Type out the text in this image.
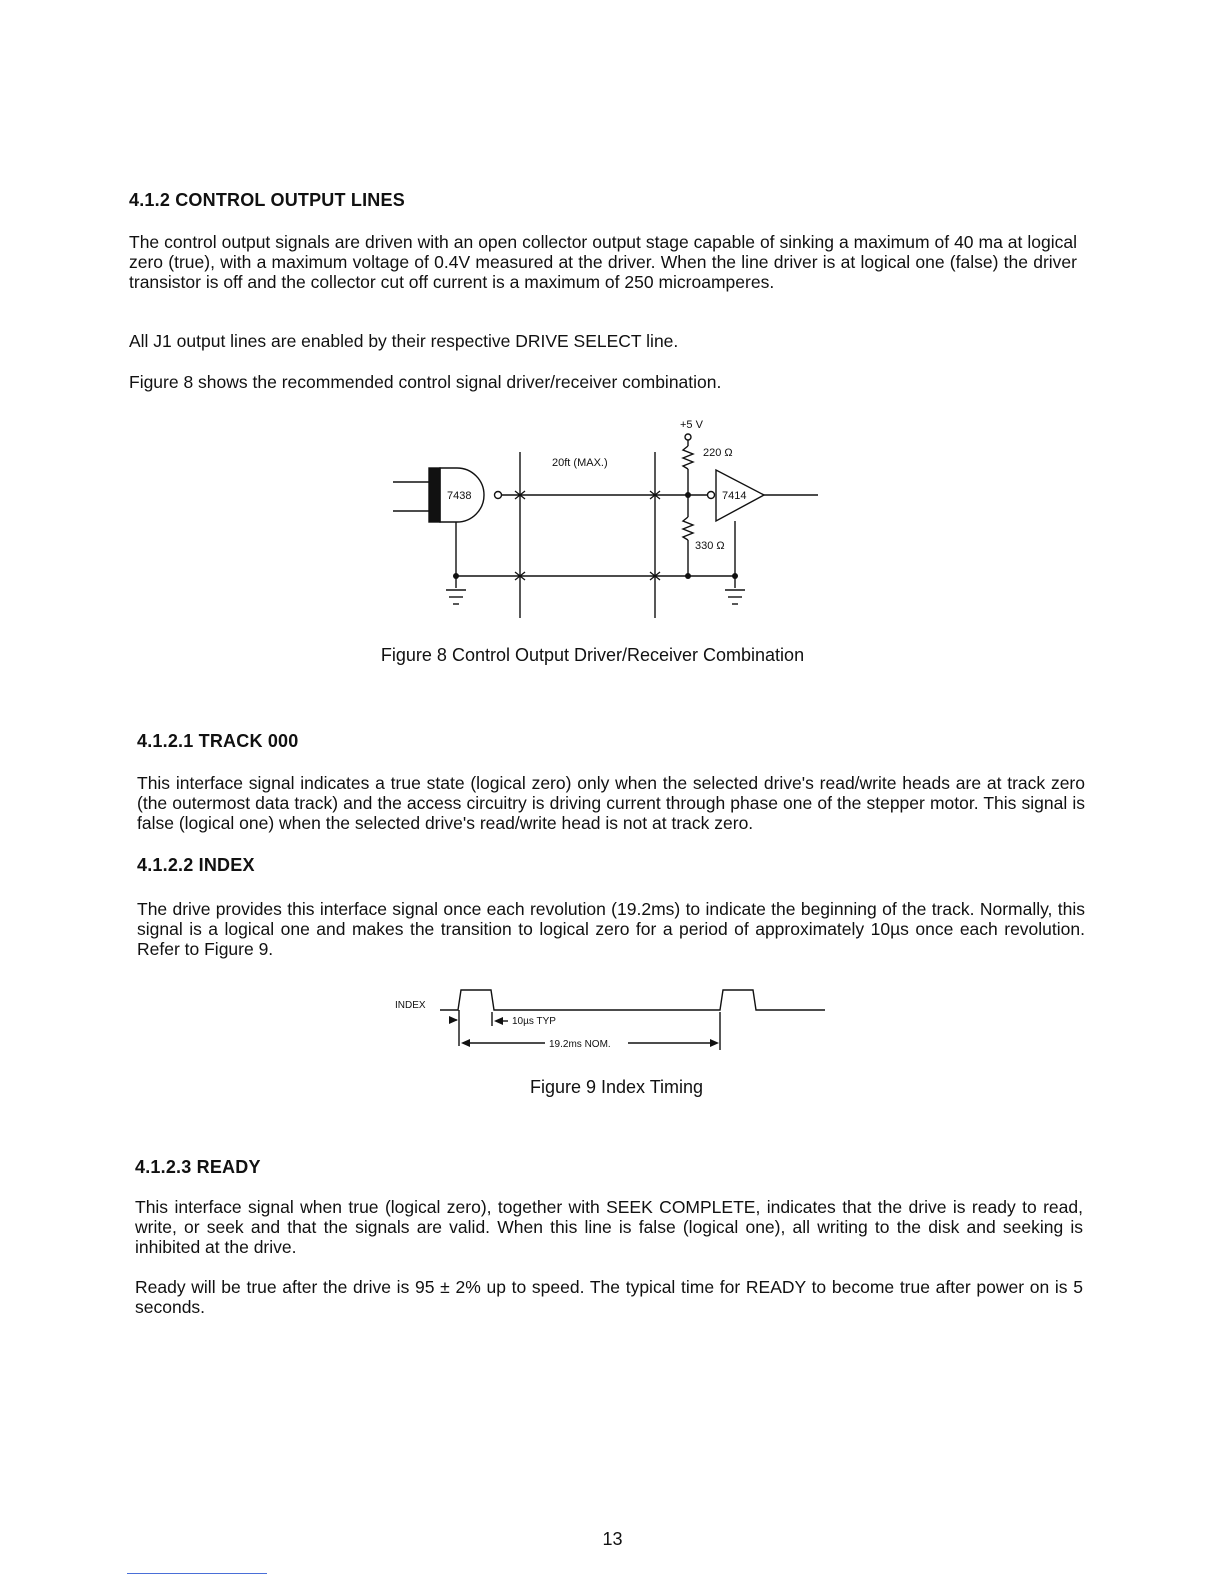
4.1.2 CONTROL OUTPUT LINES

The control output signals are driven with an open collector output stage capable of sinking a maximum of 40 ma at logical zero (true), with a maximum voltage of 0.4V measured at the driver. When the line driver is at logical one (false) the driver transistor is off and the collector cut off current is a maximum of 250 microamperes.

All J1 output lines are enabled by their respective DRIVE SELECT line.

Figure 8 shows the recommended control signal driver/receiver combination.

7438	7414
+5 V
220 Ω
330 Ω
20ft (MAX.)
Figure 8 Control Output Driver/Receiver Combination
4.1.2.1 TRACK 000

This interface signal indicates a true state (logical zero) only when the selected drive's read/write heads are at track zero (the outermost data track) and the access circuitry is driving current through phase one of the stepper motor. This signal is false (logical one) when the selected drive's read/write head is not at track zero.

4.1.2.2 INDEX

The drive provides this interface signal once each revolution (19.2ms) to indicate the beginning of the track. Normally, this signal is a logical one and makes the transition to logical zero for a period of approximately 10µs once each revolution. Refer to Figure 9.

INDEX
10µs TYP
19.2ms NOM.
Figure 9 Index Timing
4.1.2.3 READY

This interface signal when true (logical zero), together with SEEK COMPLETE, indicates that the drive is ready to read, write, or seek and that the signals are valid. When this line is false (logical one), all writing to the disk and seeking is inhibited at the drive.

Ready will be true after the drive is 95 ± 2% up to speed. The typical time for READY to become true after power on is 5 seconds.

13
